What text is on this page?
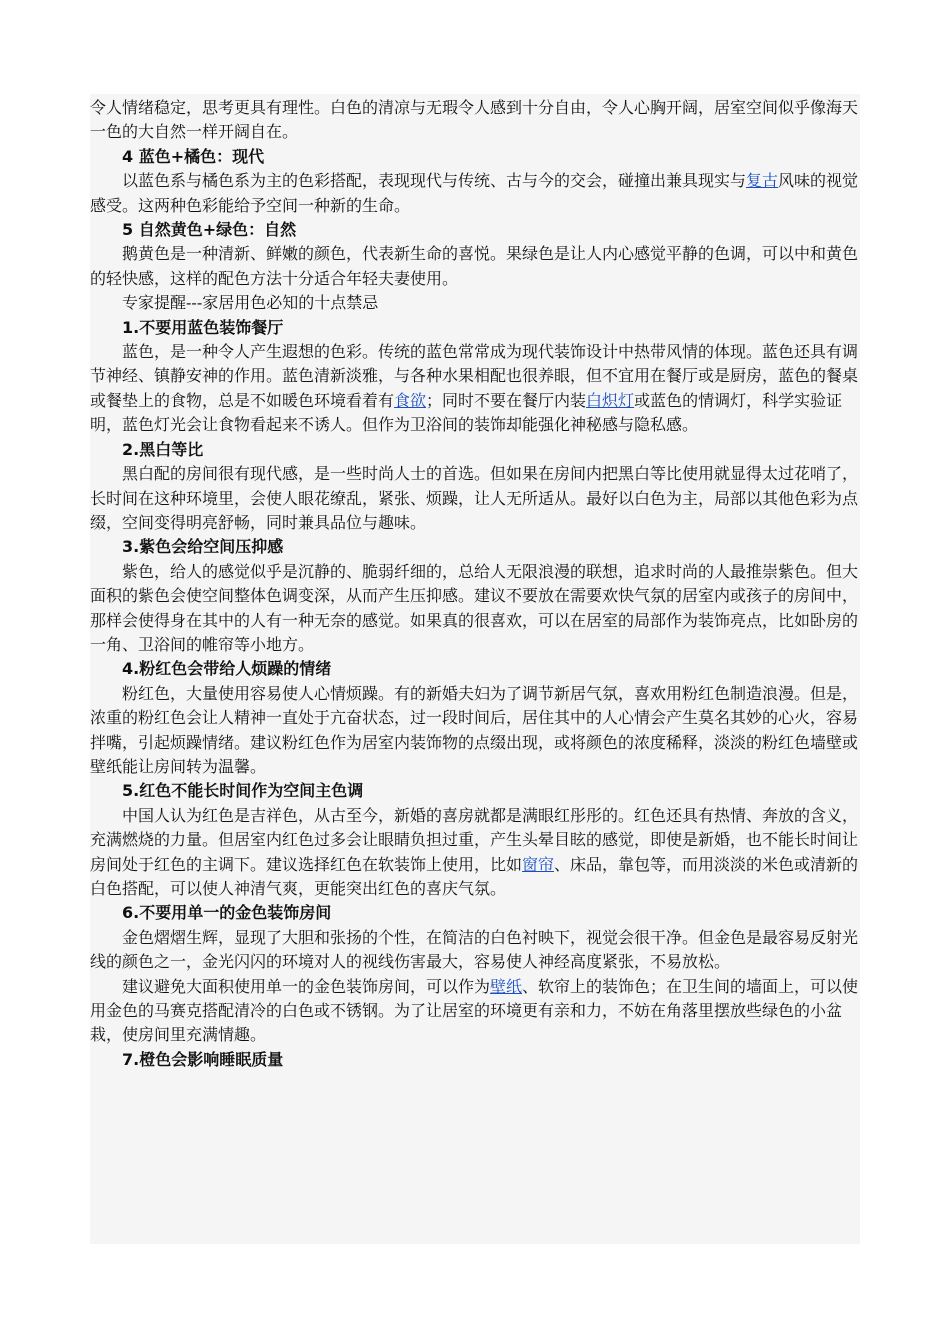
令人情绪稳定，思考更具有理性。白色的清凉与无瑕令人感到十分自由，令人心胸开阔，居室空间似乎像海天一色的大自然一样开阔自在。

4 蓝色+橘色：现代

以蓝色系与橘色系为主的色彩搭配，表现现代与传统、古与今的交会，碰撞出兼具现实与复古风味的视觉感受。这两种色彩能给予空间一种新的生命。

5 自然黄色+绿色：自然

鹅黄色是一种清新、鲜嫩的颜色，代表新生命的喜悦。果绿色是让人内心感觉平静的色调，可以中和黄色的轻快感，这样的配色方法十分适合年轻夫妻使用。

专家提醒---家居用色必知的十点禁忌

1.不要用蓝色装饰餐厅

蓝色，是一种令人产生遐想的色彩。传统的蓝色常常成为现代装饰设计中热带风情的体现。蓝色还具有调节神经、镇静安神的作用。蓝色清新淡雅，与各种水果相配也很养眼，但不宜用在餐厅或是厨房，蓝色的餐桌或餐垫上的食物，总是不如暖色环境看着有食欲；同时不要在餐厅内装白炽灯或蓝色的情调灯，科学实验证明，蓝色灯光会让食物看起来不诱人。但作为卫浴间的装饰却能强化神秘感与隐私感。

2.黑白等比

黑白配的房间很有现代感，是一些时尚人士的首选。但如果在房间内把黑白等比使用就显得太过花哨了，长时间在这种环境里，会使人眼花缭乱，紧张、烦躁，让人无所适从。最好以白色为主，局部以其他色彩为点缀，空间变得明亮舒畅，同时兼具品位与趣味。

3.紫色会给空间压抑感

紫色，给人的感觉似乎是沉静的、脆弱纤细的，总给人无限浪漫的联想，追求时尚的人最推崇紫色。但大面积的紫色会使空间整体色调变深，从而产生压抑感。建议不要放在需要欢快气氛的居室内或孩子的房间中，那样会使得身在其中的人有一种无奈的感觉。如果真的很喜欢，可以在居室的局部作为装饰亮点，比如卧房的一角、卫浴间的帷帘等小地方。

4.粉红色会带给人烦躁的情绪

粉红色，大量使用容易使人心情烦躁。有的新婚夫妇为了调节新居气氛，喜欢用粉红色制造浪漫。但是，浓重的粉红色会让人精神一直处于亢奋状态，过一段时间后，居住其中的人心情会产生莫名其妙的心火，容易拌嘴，引起烦躁情绪。建议粉红色作为居室内装饰物的点缀出现，或将颜色的浓度稀释，淡淡的粉红色墙壁或壁纸能让房间转为温馨。

5.红色不能长时间作为空间主色调

中国人认为红色是吉祥色，从古至今，新婚的喜房就都是满眼红彤彤的。红色还具有热情、奔放的含义，充满燃烧的力量。但居室内红色过多会让眼睛负担过重，产生头晕目眩的感觉，即使是新婚，也不能长时间让房间处于红色的主调下。建议选择红色在软装饰上使用，比如窗帘、床品，靠包等，而用淡淡的米色或清新的白色搭配，可以使人神清气爽，更能突出红色的喜庆气氛。

6.不要用单一的金色装饰房间

金色熠熠生辉，显现了大胆和张扬的个性，在简洁的白色衬映下，视觉会很干净。但金色是最容易反射光线的颜色之一，金光闪闪的环境对人的视线伤害最大，容易使人神经高度紧张，不易放松。

建议避免大面积使用单一的金色装饰房间，可以作为壁纸、软帘上的装饰色；在卫生间的墙面上，可以使用金色的马赛克搭配清冷的白色或不锈钢。为了让居室的环境更有亲和力，不妨在角落里摆放些绿色的小盆栽，使房间里充满情趣。

7.橙色会影响睡眠质量
